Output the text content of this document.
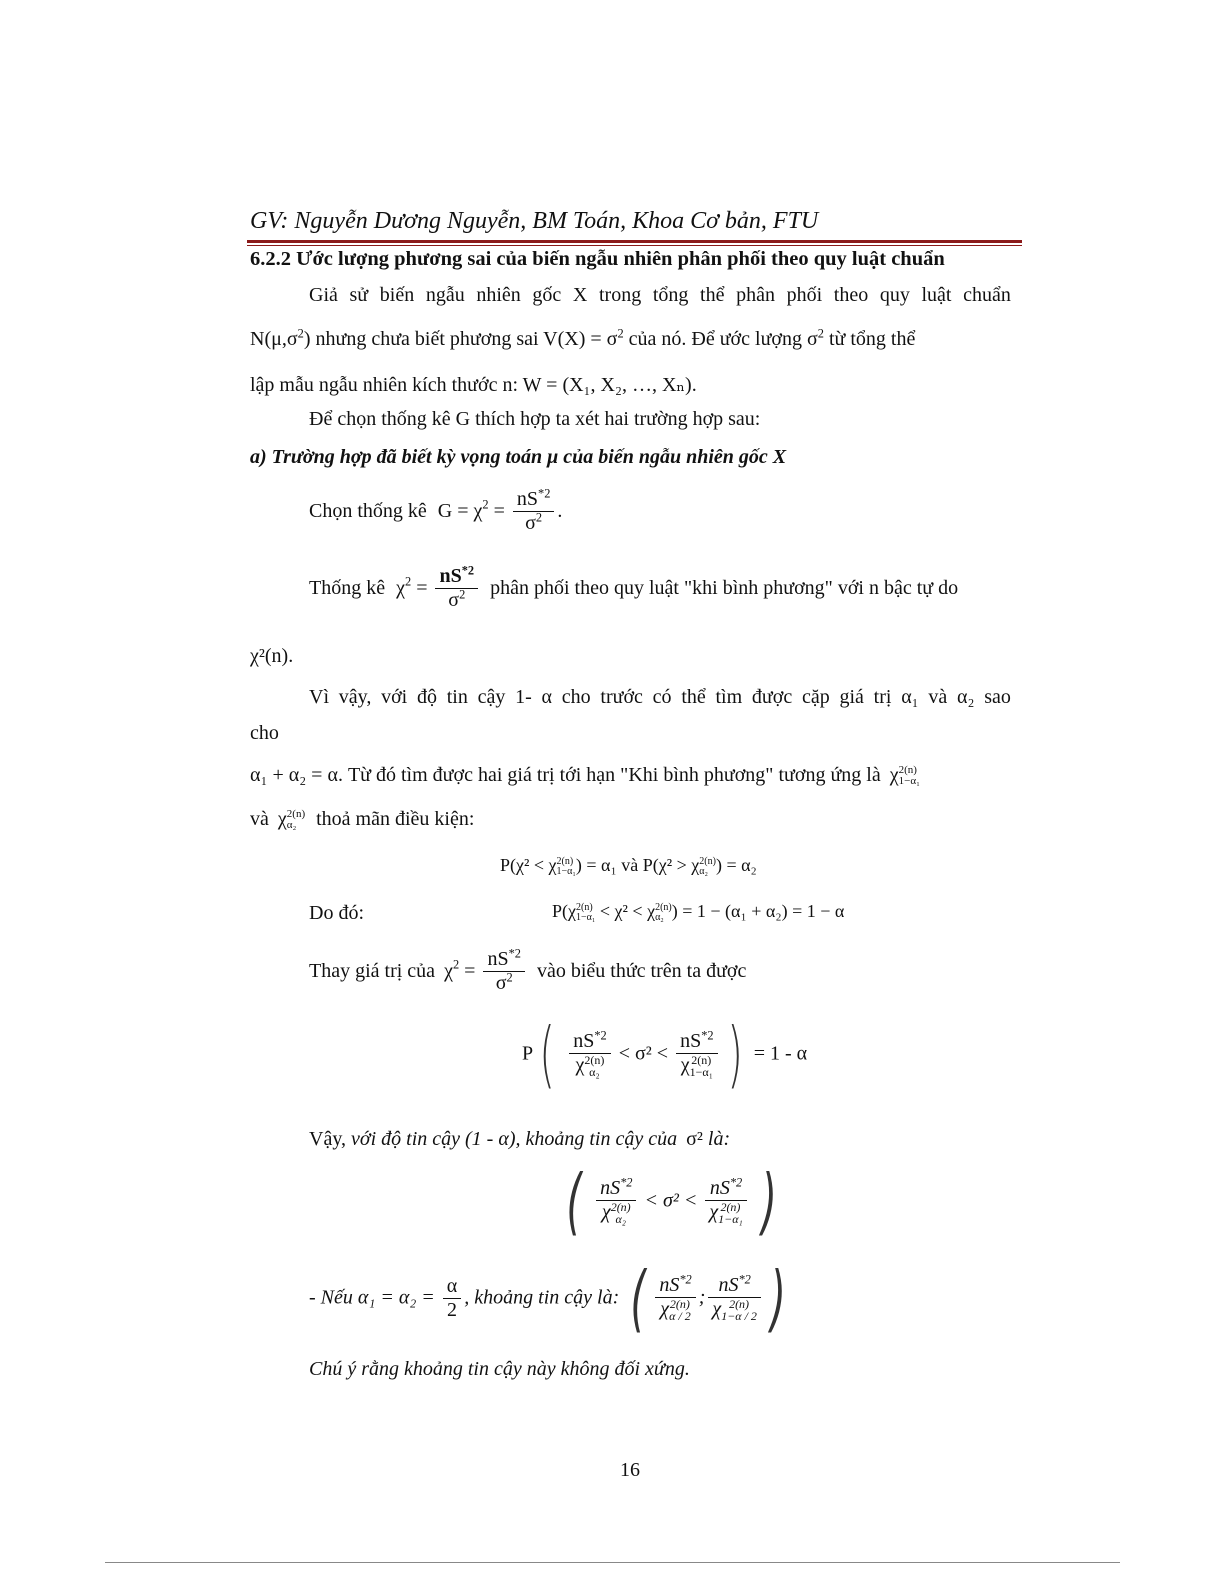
GV: Nguyễn Dương Nguyễn, BM Toán, Khoa Cơ bản, FTU
6.2.2 Ước lượng phương sai của biến ngẫu nhiên phân phối theo quy luật chuẩn
Giả sử biến ngẫu nhiên gốc X trong tổng thể phân phối theo quy luật chuẩn
$N(\mu,\sigma^2)$ nhưng chưa biết phương sai $V(X) = \sigma^2$ của nó. Để ước lượng $\sigma^2$ từ tổng thể
lập mẫu ngẫu nhiên kích thước n: W = (X₁, X₂, …, Xₙ).
Để chọn thống kê G thích hợp ta xét hai trường hợp sau:
a) Trường hợp đã biết kỳ vọng toán μ của biến ngẫu nhiên gốc X
Chọn thống kê $G = \chi^2 = \frac{nS^{*2}}{\sigma^2}$ .
Thống kê $\chi^2 = \frac{nS^{*2}}{\sigma^2}$ phân phối theo quy luật "khi bình phương" với n bậc tự do
χ²(n).
Vì vậy, với độ tin cậy 1- α cho trước có thể tìm được cặp giá trị α₁ và α₂ sao
cho
α₁ + α₂ = α. Từ đó tìm được hai giá trị tới hạn "Khi bình phương" tương ứng là χ 2(n)
1−α₁
và χ 2(n)
α₂ thoả mãn điều kiện:
P(χ² < χ 2(n)
1−α₁ ) = α₁ và P(χ² > χ 2(n)
α₂ ) = α₂
Do đó:	P(χ 2(n)
1−α₁ < χ² < χ 2(n)
α₂ ) = 1 − (α₁ + α₂) = 1 − α
Thay giá trị của $\chi^2 = \frac{nS^{*2}}{\sigma^2}$ vào biểu thức trên ta được
P( $nS^{*2}$
χ 2(n)
$\alpha_2 < \sigma^2 < nS^{*2}$
χ 2(n)
1−α₁ ) = 1 - α
Vậy, với độ tin cậy (1 - α), khoảng tin cậy của σ² là:
( $nS^{*2}$
χ 2(n)
$\alpha_2 < \sigma^2 < nS^{*2}$
χ 2(n)
1−α₁ )
- Nếu $\alpha_1 = \alpha_2 = \frac{\alpha}{2}$ , khoảng tin cậy là: ( $nS^{*2}$
χ 2(n)
α / 2 ; $nS^{*2}$
χ 2(n)
1−α / 2 )
Chú ý rằng khoảng tin cậy này không đối xứng.
16
